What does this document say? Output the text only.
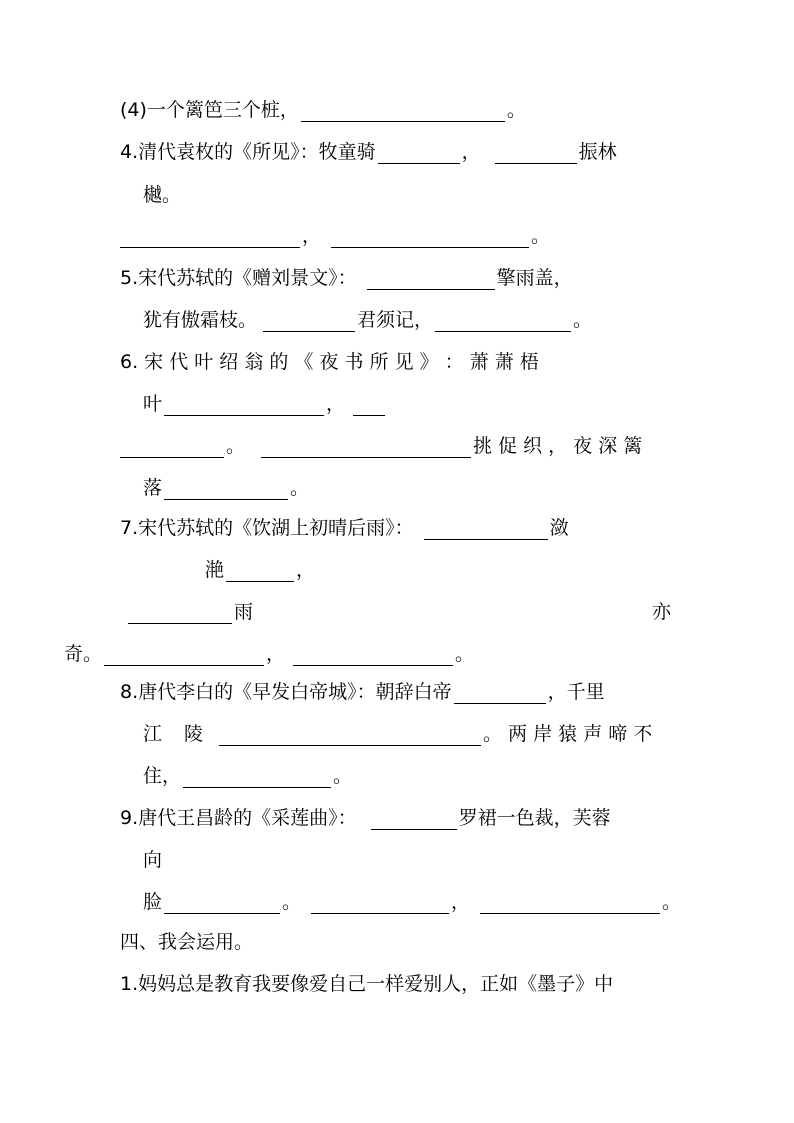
(4)一个篱笆三个桩，	。
4.清代袁枚的《所见》：牧童骑	，	振林
樾。
，	。
5.宋代苏轼的《赠刘景文》：	擎雨盖，
犹有傲霜枝。	君须记，	。
6. 宋 代 叶 绍 翁 的 《 夜 书 所 见 》 ： 萧 萧 梧
叶	，
。	挑 促 织 ， 夜 深 篱
落	。
7.宋代苏轼的《饮湖上初晴后雨》：	潋
滟	，
雨	亦
奇。	，	。
8.唐代李白的《早发白帝城》：朝辞白帝	，千里
江 陵	。 两 岸 猿 声 啼 不
住，	。
9.唐代王昌龄的《采莲曲》：	罗裙一色裁，芙蓉
向
脸	。	，	。
四、我会运用。
1.妈妈总是教育我要像爱自己一样爱别人，正如《墨子》中
